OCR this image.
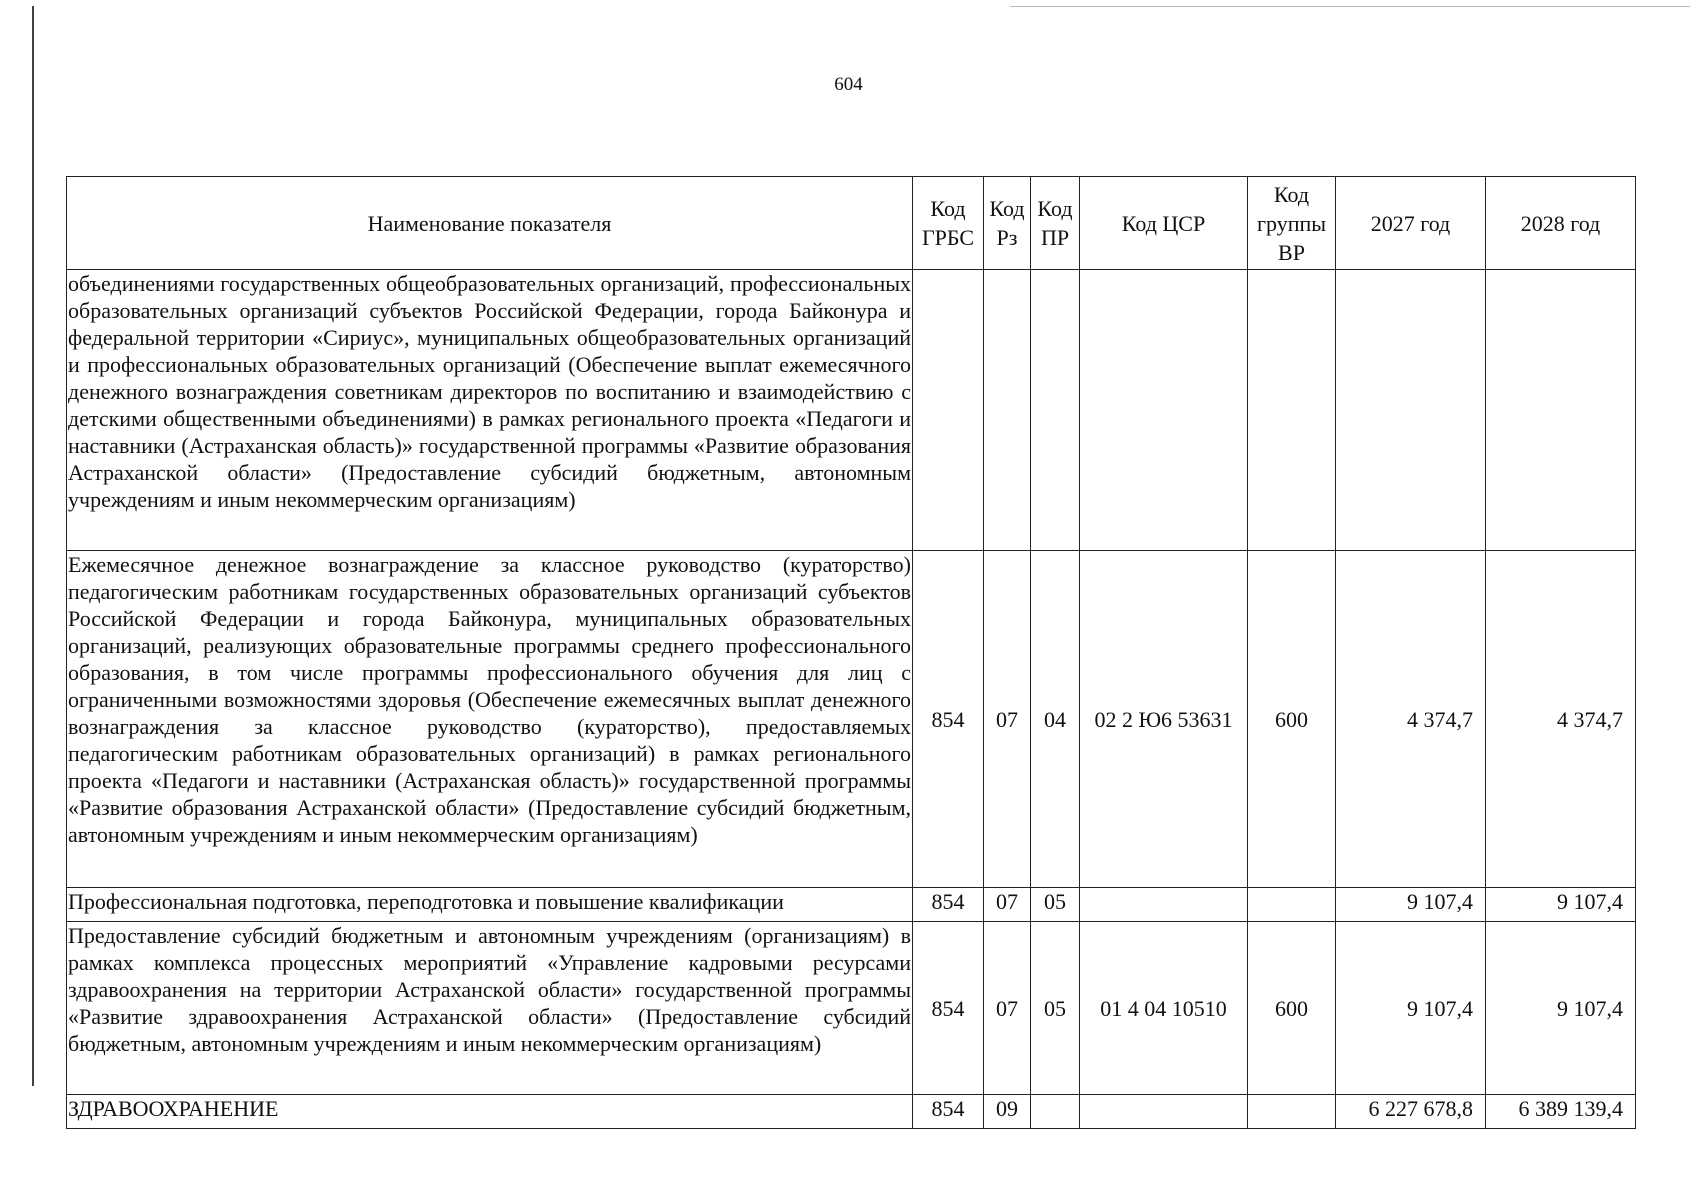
604
Наименование показателя	Код ГРБС	Код Рз	Код ПР	Код ЦСР	Код группы ВР	2027 год	2028 год
объединениями государственных общеобразовательных организаций, профессиональных образовательных организаций субъектов Российской Федерации, города Байконура и федеральной территории «Сириус», муниципальных общеобразовательных организаций и профессиональных образовательных организаций (Обеспечение выплат ежемесячного денежного вознаграждения советникам директоров по воспитанию и взаимодействию с детскими общественными объединениями) в рамках регионального проекта «Педагоги и наставники (Астраханская область)» государственной программы «Развитие образования Астраханской области» (Предоставление субсидий бюджетным, автономным учреждениям и иным некоммерческим организациям)							
Ежемесячное денежное вознаграждение за классное руководство (кураторство) педагогическим работникам государственных образовательных организаций субъектов Российской Федерации и города Байконура, муниципальных образовательных организаций, реализующих образовательные программы среднего профессионального образования, в том числе программы профессионального обучения для лиц с ограниченными возможностями здоровья (Обеспечение ежемесячных выплат денежного вознаграждения за классное руководство (кураторство), предоставляемых педагогическим работникам образовательных организаций) в рамках регионального проекта «Педагоги и наставники (Астраханская область)» государственной программы «Развитие образования Астраханской области» (Предоставление субсидий бюджетным, автономным учреждениям и иным некоммерческим организациям)	854	07	04	02 2 Ю6 53631	600	4 374,7	4 374,7
Профессиональная подготовка, переподготовка и повышение квалификации	854	07	05			9 107,4	9 107,4
Предоставление субсидий бюджетным и автономным учреждениям (организациям) в рамках комплекса процессных мероприятий «Управление кадровыми ресурсами здравоохранения на территории Астраханской области» государственной программы «Развитие здравоохранения Астраханской области» (Предоставление субсидий бюджетным, автономным учреждениям и иным некоммерческим организациям)	854	07	05	01 4 04 10510	600	9 107,4	9 107,4
ЗДРАВООХРАНЕНИЕ	854	09				6 227 678,8	6 389 139,4
